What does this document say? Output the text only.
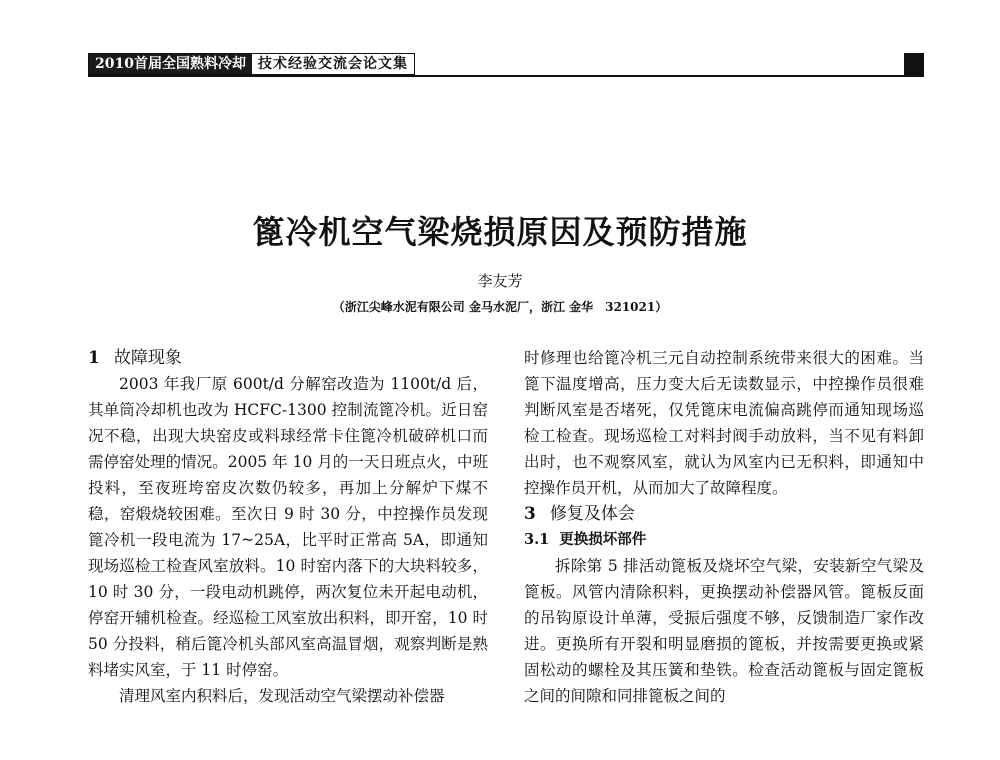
2010首届全国熟料冷却 技术经验交流会论文集
篦冷机空气梁烧损原因及预防措施
李友芳
（浙江尖峰水泥有限公司 金马水泥厂，浙江 金华　321021）
1 故障现象

2003 年我厂原 600t/d 分解窑改造为 1100t/d 后，其单筒冷却机也改为 HCFC-1300 控制流篦冷机。近日窑况不稳，出现大块窑皮或料球经常卡住篦冷机破碎机口而需停窑处理的情况。2005 年 10 月的一天日班点火，中班投料，至夜班垮窑皮次数仍较多，再加上分解炉下煤不稳，窑煅烧较困难。至次日 9 时 30 分，中控操作员发现篦冷机一段电流为 17~25A，比平时正常高 5A，即通知现场巡检工检查风室放料。10 时窑内落下的大块料较多，10 时 30 分，一段电动机跳停，两次复位未开起电动机，停窑开辅机检查。经巡检工风室放出积料，即开窑，10 时 50 分投料，稍后篦冷机头部风室高温冒烟，观察判断是熟料堵实风室，于 11 时停窑。

清理风室内积料后，发现活动空气梁摆动补偿器

时修理也给篦冷机三元自动控制系统带来很大的困难。当篦下温度增高，压力变大后无读数显示，中控操作员很难判断风室是否堵死，仅凭篦床电流偏高跳停而通知现场巡检工检查。现场巡检工对料封阀手动放料，当不见有料卸出时，也不观察风室，就认为风室内已无积料，即通知中控操作员开机，从而加大了故障程度。

3 修复及体会
3.1 更换损坏部件

拆除第 5 排活动篦板及烧坏空气梁，安装新空气梁及篦板。风管内清除积料，更换摆动补偿器风管。篦板反面的吊钩原设计单薄，受振后强度不够，反馈制造厂家作改进。更换所有开裂和明显磨损的篦板，并按需要更换或紧固松动的螺栓及其压簧和垫铁。检查活动篦板与固定篦板之间的间隙和同排篦板之间的
